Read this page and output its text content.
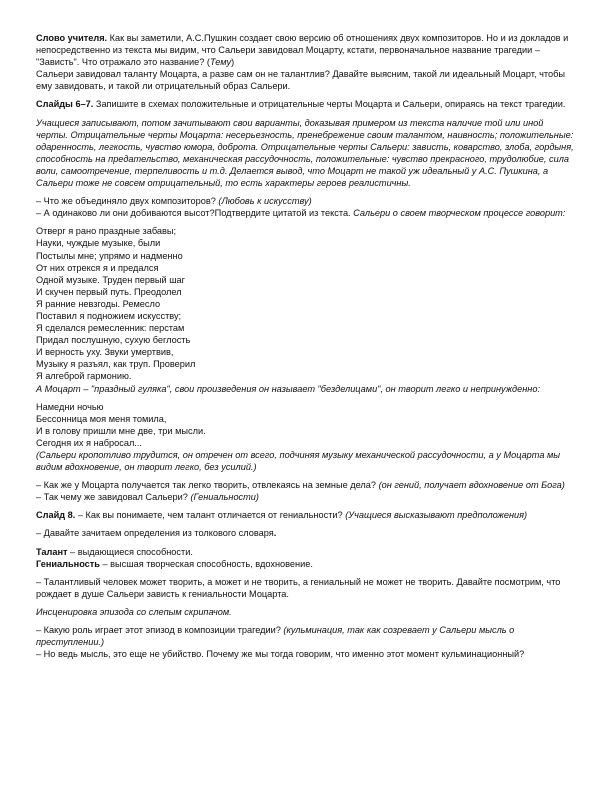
Слово учителя. Как вы заметили, А.С.Пушкин создает свою версию об отношениях двух композиторов. Но и из докладов и непосредственно из текста мы видим, что Сальери завидовал Моцарту, кстати, первоначальное название трагедии – "Зависть". Что отражало это название? (Тему)

Сальери завидовал таланту Моцарта, а разве сам он не талантлив? Давайте выясним, такой ли идеальный Моцарт, чтобы ему завидовать, и такой ли отрицательный образ Сальери.

Слайды 6–7. Запишите в схемах положительные и отрицательные черты Моцарта и Сальери, опираясь на текст трагедии.

Учащиеся записывают, потом зачитывают свои варианты, доказывая примером из текста наличие той или иной черты. Отрицательные черты Моцарта: несерьезность, пренебрежение своим талантом, наивность; положительные: одаренность, легкость, чувство юмора, доброта. Отрицательные черты Сальери: зависть, коварство, злоба, гордыня, способность на предательство, механическая рассудочность, положительные: чувство прекрасного, трудолюбие, сила воли, самоотречение, терпеливость и т.д. Делается вывод, что Моцарт не такой уж идеальный у А.С. Пушкина, а Сальери тоже не совсем отрицательный, то есть характеры героев реалистичны.

– Что же объединяло двух композиторов? (Любовь к искусству)

– А одинаково ли они добиваются высот?Подтвердите цитатой из текста. Сальери о своем творческом процессе говорит:

Отверг я рано праздные забавы;

Науки, чуждые музыке, были

Постылы мне; упрямо и надменно

От них отрекся я и предался

Одной музыке. Труден первый шаг

И скучен первый путь. Преодолел

Я ранние невзгоды. Ремесло

Поставил я подножием искусству;

Я сделался ремесленник: перстам

Придал послушную, сухую беглость

И верность уху. Звуки умертвив,

Музыку я разъял, как труп. Проверил

Я алгеброй гармонию.

А Моцарт – "праздный гуляка", свои произведения он называет "безделицами", он творит легко и непринужденно:

Намедни ночью

Бессонница моя меня томила,

И в голову пришли мне две, три мысли.

Сегодня их я набросал...

(Сальери кропотливо трудится, он отречен от всего, подчиняя музыку механической рассудочности, а у Моцарта мы видим вдохновение, он творит легко, без усилий.)

– Как же у Моцарта получается так легко творить, отвлекаясь на земные дела? (он гений, получает вдохновение от Бога)

– Так чему же завидовал Сальери? (Гениальности)

Слайд 8. – Как вы понимаете, чем талант отличается от гениальности? (Учащиеся высказывают предположения)

– Давайте зачитаем определения из толкового словаря.

Талант – выдающиеся способности.

Гениальность – высшая творческая способность, вдохновение.

– Талантливый человек может творить, а может и не творить, а гениальный не может не творить. Давайте посмотрим, что рождает в душе Сальери зависть к гениальности Моцарта.

Инсценировка эпизода со слепым скрипачом.

– Какую роль играет этот эпизод в композиции трагедии? (кульминация, так как созревает у Сальери мысль о преступлении.)

– Но ведь мысль, это еще не убийство. Почему же мы тогда говорим, что именно этот момент кульминационный?
